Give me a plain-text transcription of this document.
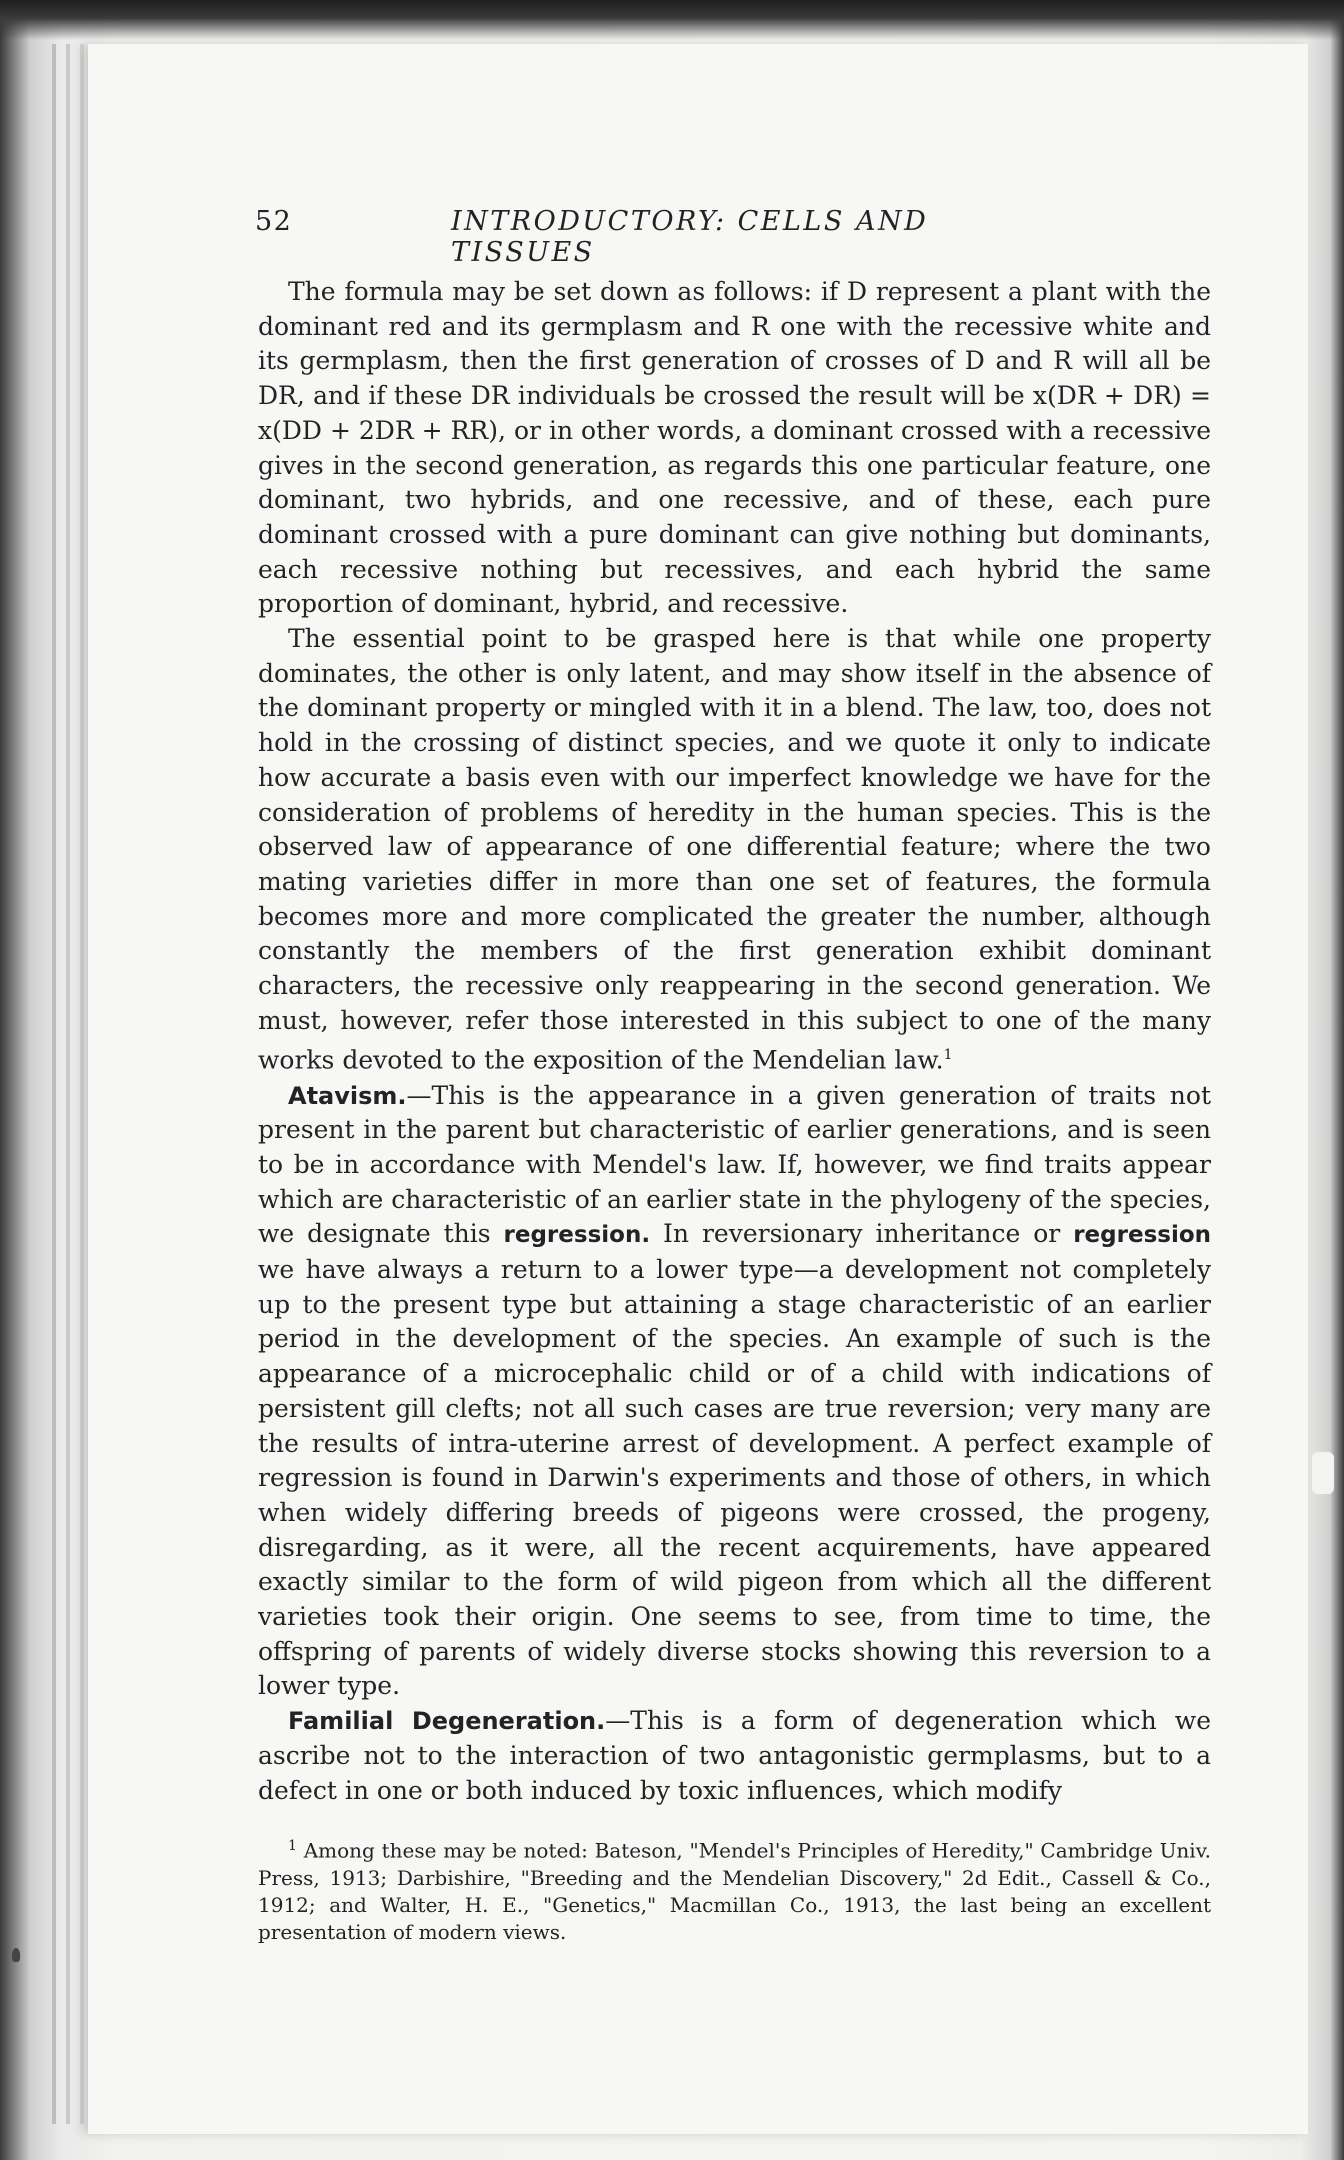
52	INTRODUCTORY: CELLS AND TISSUES

The formula may be set down as follows: if D represent a plant with the dominant red and its germplasm and R one with the recessive white and its germplasm, then the first generation of crosses of D and R will all be DR, and if these DR individuals be crossed the result will be x(DR + DR) = x(DD + 2DR + RR), or in other words, a dominant crossed with a recessive gives in the second generation, as regards this one particular feature, one dominant, two hybrids, and one recessive, and of these, each pure dominant crossed with a pure dominant can give nothing but dominants, each recessive nothing but recessives, and each hybrid the same proportion of dominant, hybrid, and recessive.

The essential point to be grasped here is that while one property dominates, the other is only latent, and may show itself in the absence of the dominant property or mingled with it in a blend. The law, too, does not hold in the crossing of distinct species, and we quote it only to indicate how accurate a basis even with our imperfect knowledge we have for the consideration of problems of heredity in the human species. This is the observed law of appearance of one differential feature; where the two mating varieties differ in more than one set of features, the formula becomes more and more complicated the greater the number, although constantly the members of the first generation exhibit dominant characters, the recessive only reappearing in the second generation. We must, however, refer those interested in this subject to one of the many works devoted to the exposition of the Mendelian law.$^1$

Atavism.—This is the appearance in a given generation of traits not present in the parent but characteristic of earlier generations, and is seen to be in accordance with Mendel's law. If, however, we find traits appear which are characteristic of an earlier state in the phylogeny of the species, we designate this regression. In reversionary inheritance or regression we have always a return to a lower type—a development not completely up to the present type but attaining a stage characteristic of an earlier period in the development of the species. An example of such is the appearance of a microcephalic child or of a child with indications of persistent gill clefts; not all such cases are true reversion; very many are the results of intra-uterine arrest of development. A perfect example of regression is found in Darwin's experiments and those of others, in which when widely differing breeds of pigeons were crossed, the progeny, disregarding, as it were, all the recent acquirements, have appeared exactly similar to the form of wild pigeon from which all the different varieties took their origin. One seems to see, from time to time, the offspring of parents of widely diverse stocks showing this reversion to a lower type.

Familial Degeneration.—This is a form of degeneration which we ascribe not to the interaction of two antagonistic germplasms, but to a defect in one or both induced by toxic influences, which modify

$^1$ Among these may be noted: Bateson, "Mendel's Principles of Heredity," Cambridge Univ. Press, 1913; Darbishire, "Breeding and the Mendelian Discovery," 2d Edit., Cassell & Co., 1912; and Walter, H. E., "Genetics," Macmillan Co., 1913, the last being an excellent presentation of modern views.
